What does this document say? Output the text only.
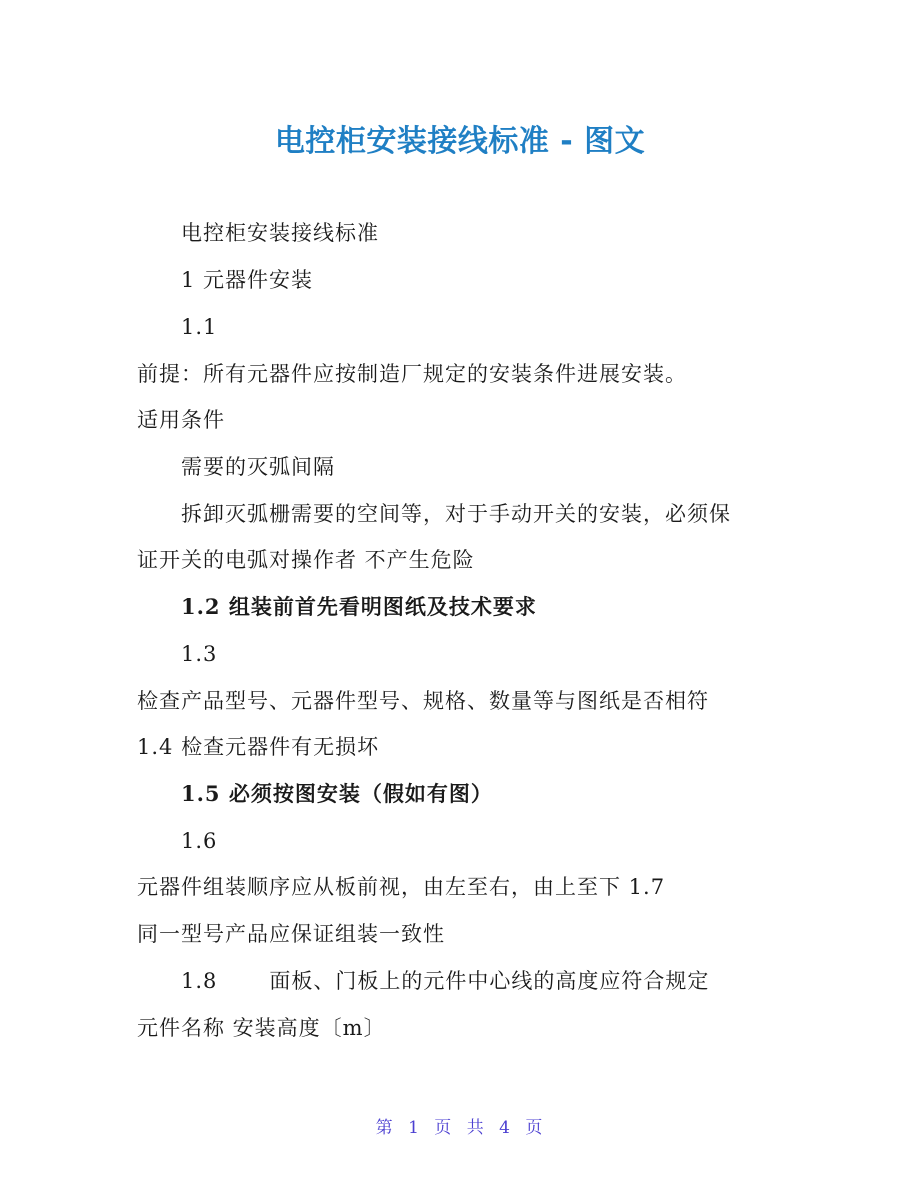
电控柜安装接线标准 - 图文
电控柜安装接线标准
1 元器件安装
1.1
前提：所有元器件应按制造厂规定的安装条件进展安装。
适用条件
需要的灭弧间隔
拆卸灭弧栅需要的空间等，对于手动开关的安装，必须保
证开关的电弧对操作者 不产生危险
1.2 组装前首先看明图纸及技术要求
1.3
检查产品型号、元器件型号、规格、数量等与图纸是否相符
1.4 检查元器件有无损坏
1.5 必须按图安装（假如有图）
1.6
元器件组装顺序应从板前视，由左至右，由上至下 1.7
同一型号产品应保证组装一致性
1.8 面板、门板上的元件中心线的高度应符合规定
元件名称 安装高度〔m〕
第 1 页 共 4 页
